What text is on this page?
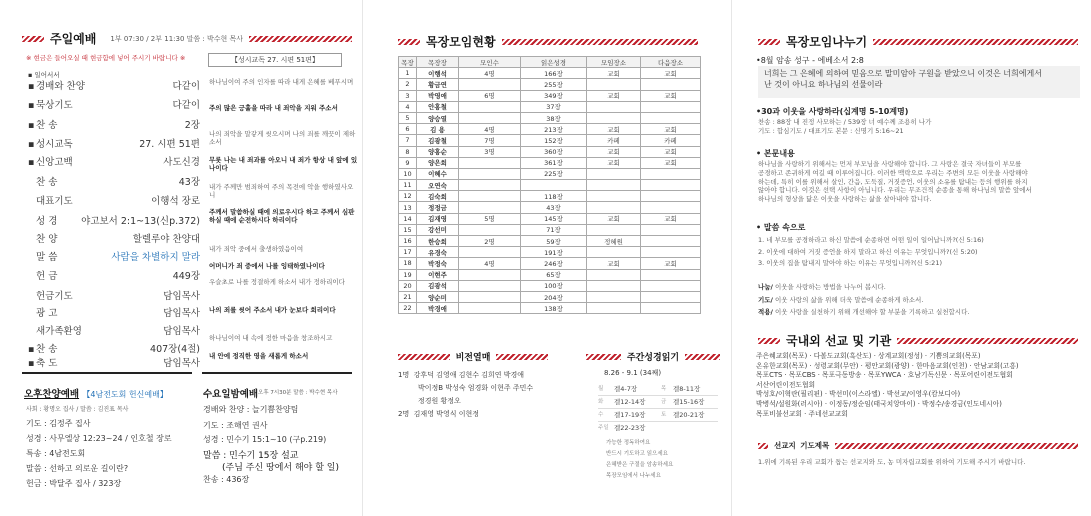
주일예배 1부 07:30 / 2부 11:30 말씀 : 박수현 목사
※ 현금은 들어오실 때 현금함에 넣어 주시기 바랍니다 ※	【성시교독 27. 시편 51편】
▪ 일어서서
▪ 경배와 찬양	다같이
▪ 묵상기도	다같이
▪ 찬 송	2장
▪ 성시교독	27. 시편 51편
▪ 신앙고백	사도신경
찬 송	43장
대표기도	이행석 장로
성 경	야고보서 2:1~13(신p.372)
찬 양	할렐루야 찬양대
말 씀	사람을 차별하지 말라
헌 금	449장
헌금기도	담임목사
광 고	담임목사
새가족환영	담임목사
▪ 찬 송	407장(4절)
▪ 축 도	담임목사
하나님이여 주의 인자를 따라 내게 은혜를 베푸시며
주의 많은 긍휼을 따라 내 죄악을 지워 주소서
나의 죄악을 말갛게 씻으시며 나의 죄를 깨끗이 제하소서
무릇 나는 내 죄과를 아오니 내 죄가 항상 내 앞에 있나이다
내가 주께만 범죄하여 주의 목전에 악을 행하였사오니
주께서 말씀하실 때에 의로우시다 하고 주께서 심판하실 때에 순전하시다 하리이다
내가 죄악 중에서 출생하였음이여
어머니가 죄 중에서 나를 잉태하였나이다
우슬초로 나를 정결하게 하소서 내가 정하리이다
나의 죄를 씻어 주소서 내가 눈보다 희리이다
하나님이여 내 속에 정한 마음을 창조하시고
내 안에 정직한 영을 새롭게 하소서
오후찬양예배 【4남전도회 헌신예배】
사회 : 황명오 집사 / 말씀 : 김진표 목사
기도 : 김정주 집사
성경 : 사무엘상 12:23~24 / 인호철 장로
특송 : 4남전도회
말씀 : 선하고 의로운 길이란?
헌금 : 박달주 집사 / 323장
수요일밤예배 오후 7시30분 말씀 : 박수현 목사
경배와 찬양 : 늘기쁨찬양팀
기도 : 조해연 권사
성경 : 민수기 15:1~10 (구p.219)
말씀 : 민수기 15장 설교
(주님 주신 땅에서 해야 할 일)
찬송 : 436장
목장모임현황
목장	목장장	모인수	읽은성경	모임장소	다음장소
1	이행석	4명	166장	교회	교회
2	황금연		255장		
3	박영애	6명	349장	교회	교회
4	안홍철		37장		
5	양승열		38장		
6	김 용	4명	213장	교회	교회
7	김광철	7명	152장	카페	카페
8	양홍순	3명	360장	교회	교회
9	양은희		361장	교회	교회
10	이혜수		225장		
11	오연숙				
12	김숙희		118장		
13	정정금		43장		
14	김재영	5명	145장	교회	교회
15	강선미		71장		
16	한승희	2명	59장	정혜원	
17	유경숙		191장		
18	박정숙	4명	246장	교회	교회
19	이현주		65장		
20	김광석		100장		
21	양순미		204장		
22	박경애		138장		
비전열매
1명 강후덕 김영애 김현수 김희연 박경애
박이정B 박성숙 엄경화 이현주 주민수
정경원 황정오
2명 김재영 박영식 이현정
주간성경읽기
8.26 - 9.1 (34째)
월 겔4-7장	목 겔8-11장
화 겔12-14장	금 겔15-16장
수 겔17-19장	토 겔20-21장
주일 겔22-23장
가능한 정독하여요
반드시 기도하고 읽으세요
은혜받은 구절을 암송하세요
목장모임에서 나누세요
목장모임나누기
•8월 암송 성구 - 에베소서 2:8
너희는 그 은혜에 의하여 믿음으로 말미암아 구원을 받았으니 이것은 너희에게서
난 것이 아니요 하나님의 선물이라
•30과 이웃을 사랑하라(십계명 5-10계명)
찬송 : 88장 내 진정 사모하는 / 539장 너 예수께 조용히 나가
기도 : 합심기도 / 대표기도 본문 : 신명기 5:16~21
• 본문내용
하나님을 사랑하기 위해서는 먼저 부모님을 사랑해야 합니다. 그 사랑은 결국 자녀들이 부모를
공경하고 존귀하게 여길 때 이루어집니다. 이러한 맥락으로 우리는 주변의 모든 이웃을 사랑해야
하는데, 특히 이를 위해서 살인, 간음, 도둑질, 거짓증언, 이웃의 소유를 탐내는 등의 행위를 하지
않아야 합니다. 이것은 선택 사항이 아닙니다. 우리는 무조건적 순종을 통해 하나님의 말씀 앞에서
하나님의 형상을 닮은 이웃을 사랑하는 삶을 살아내야 합니다.
• 말씀 속으로
1. 네 부모를 공경하라고 하신 말씀에 순종하면 어떤 일이 일어납니까?(신 5:16)
2. 이웃에 대하여 거짓 증언을 하지 말라고 하신 이유는 무엇입니까?(신 5:20)
3. 이웃의 집을 탐내지 말아야 하는 이유는 무엇입니까?(신 5:21)
나눔/ 이웃을 사랑하는 방법을 나누어 봅시다.
기도/ 이웃 사랑의 삶을 위해 더욱 말씀에 순종하게 하소서.
적용/ 이웃 사랑을 실천하기 위해 개선해야 할 부분을 기록하고 실천합시다.
국내외 선교 및 기관
주은혜교회(목포) · 다볼도교회(흑산도) · 상계교회(정성) · 기쁨의교회(목포)
온유한교회(목포) · 성령교회(무안) · 평안교회(광양) · 한마음교회(인천) · 안남교회(고흥)
목포CTS · 목포CBS · 목포극동방송 · 목포YWCA · 호남기독신문 · 목포어린이전도협회
서산어린이전도협회
박성호/이혁란(필리핀) · 박선미(이스라엘) · 박선교/이영우(캄보디아)
박병석/설원화(러시아) · 이정동/정순임(태국치앙마이) · 박정수/송경금(인도네시아)
목포비불선교회 · 주네선교교회
선교지 기도제목
1.위에 기록된 우리 교회가 돕는 선교지와 도, 농 미자립교회를 위하여 기도해 주시기 바랍니다.
